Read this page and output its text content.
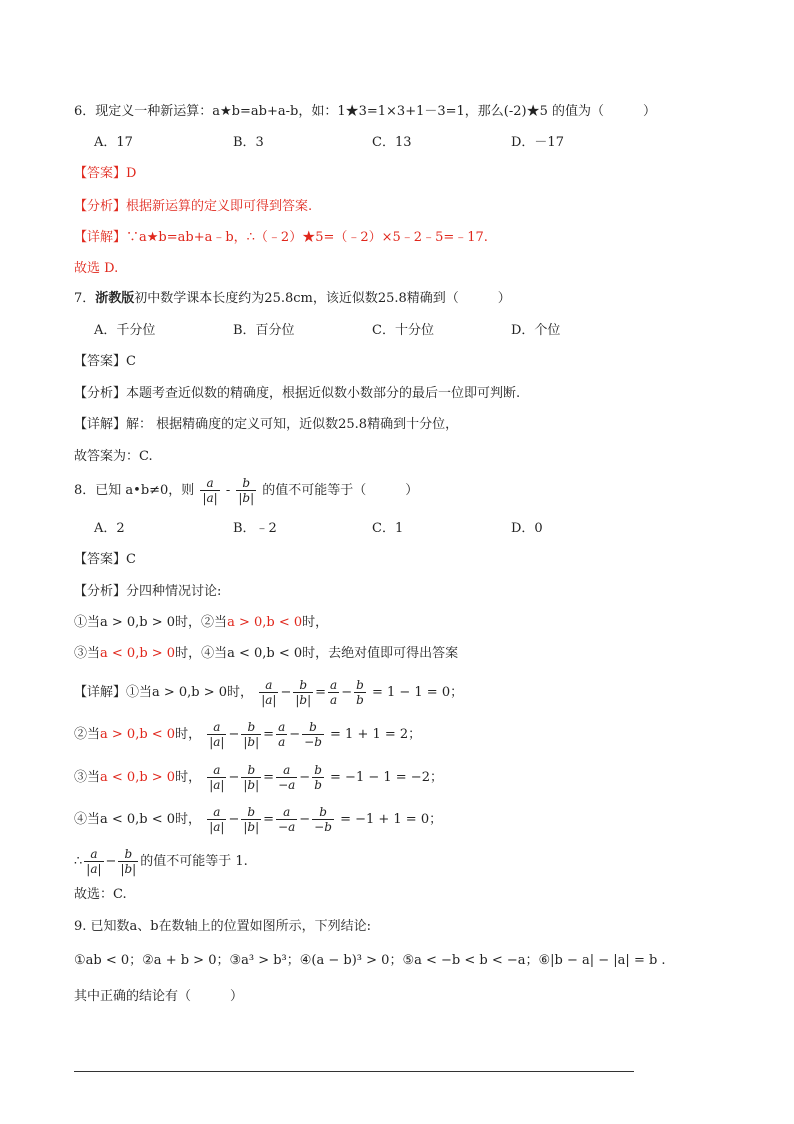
6．现定义一种新运算：a★b=ab+a-b，如：1★3=1×3+1－3=1，那么(-2)★5 的值为（　　　）
A．17	B．3	C．13	D．－17
【答案】D
【分析】根据新运算的定义即可得到答案.
【详解】∵a★b=ab+a﹣b，∴（﹣2）★5=（﹣2）×5﹣2﹣5=﹣17.
故选 D.
7．浙教版初中数学课本长度约为25.8cm，该近似数25.8精确到（　　　）
A．千分位	B．百分位	C．十分位	D．个位
【答案】C
【分析】本题考查近似数的精确度，根据近似数小数部分的最后一位即可判断.
【详解】解： 根据精确度的定义可知，近似数25.8精确到十分位，
故答案为：C.
8．已知 a•b≠0，则 $\frac{a}{|a|} - \frac{b}{|b|}$ 的值不可能等于（　　　）
A．2	B．﹣2	C．1	D．0
【答案】C
【分析】分四种情况讨论:
①当a > 0,b > 0时，②当a > 0,b < 0时，
③当a < 0,b > 0时，④当a < 0,b < 0时，去绝对值即可得出答案
【详解】①当a > 0,b > 0时， $\frac{a}{|a|} - \frac{b}{|b|} = \frac{a}{a} - \frac{b}{b} = 1 - 1 = 0$；
②当a > 0,b < 0时， $\frac{a}{|a|} - \frac{b}{|b|} = \frac{a}{a} - \frac{b}{-b} = 1 + 1 = 2$；
③当a < 0,b > 0时， $\frac{a}{|a|} - \frac{b}{|b|} = \frac{a}{-a} - \frac{b}{b} = -1 - 1 = -2$；
④当a < 0,b < 0时， $\frac{a}{|a|} - \frac{b}{|b|} = \frac{a}{-a} - \frac{b}{-b} = -1 + 1 = 0$；
∴ $\frac{a}{|a|} - \frac{b}{|b|}$ 的值不可能等于 1.
故选：C.
9. 已知数a、b在数轴上的位置如图所示，下列结论:
①ab < 0；②a + b > 0；③a³ > b³；④(a − b)³ > 0；⑤a < −b < b < −a；⑥|b − a| − |a| = b .
其中正确的结论有（　　　）
